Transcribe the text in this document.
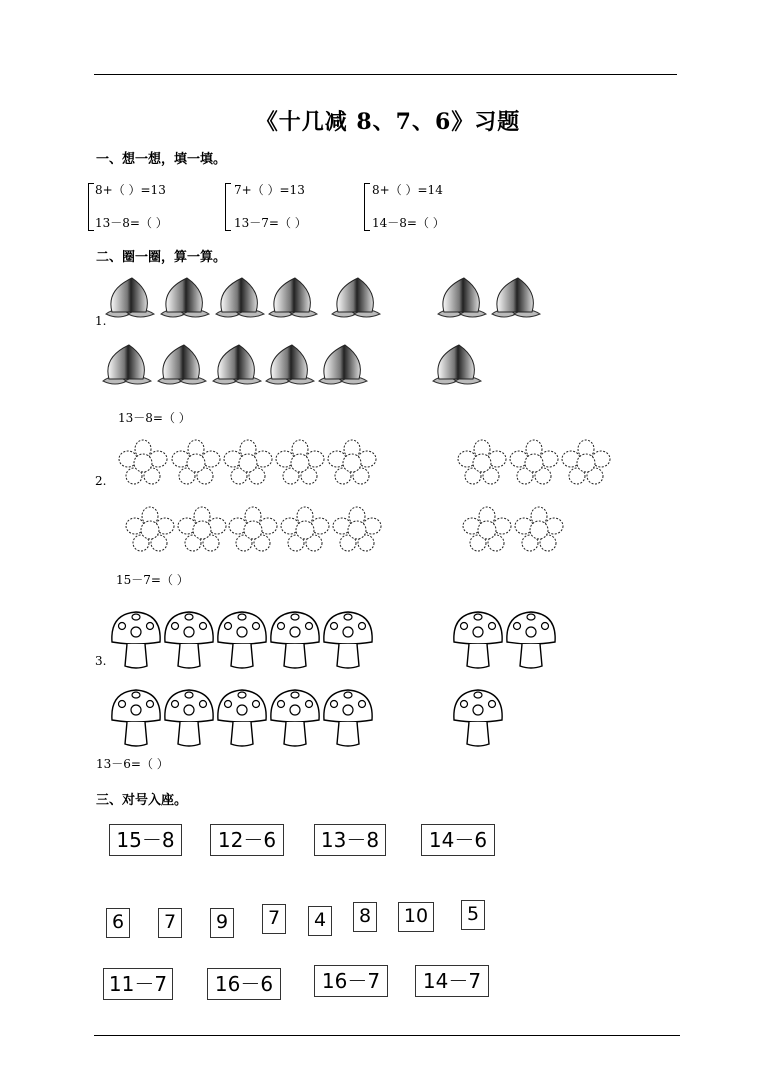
《十几减 8、7、6》习题
一、想一想，填一填。
8+（ ）=13
13－8=（ ）
7+（ ）=13
13－7=（ ）
8+（ ）=14
14－8=（ ）
二、圈一圈，算一算。
1.
13－8=（ ）
2.
15－7=（ ）
3.
13－6=（ ）
三、对号入座。
15－8	12－6	13－8	14－6
6	7	9	7	4	8	10	5
11－7	16－6	16－7	14－7
